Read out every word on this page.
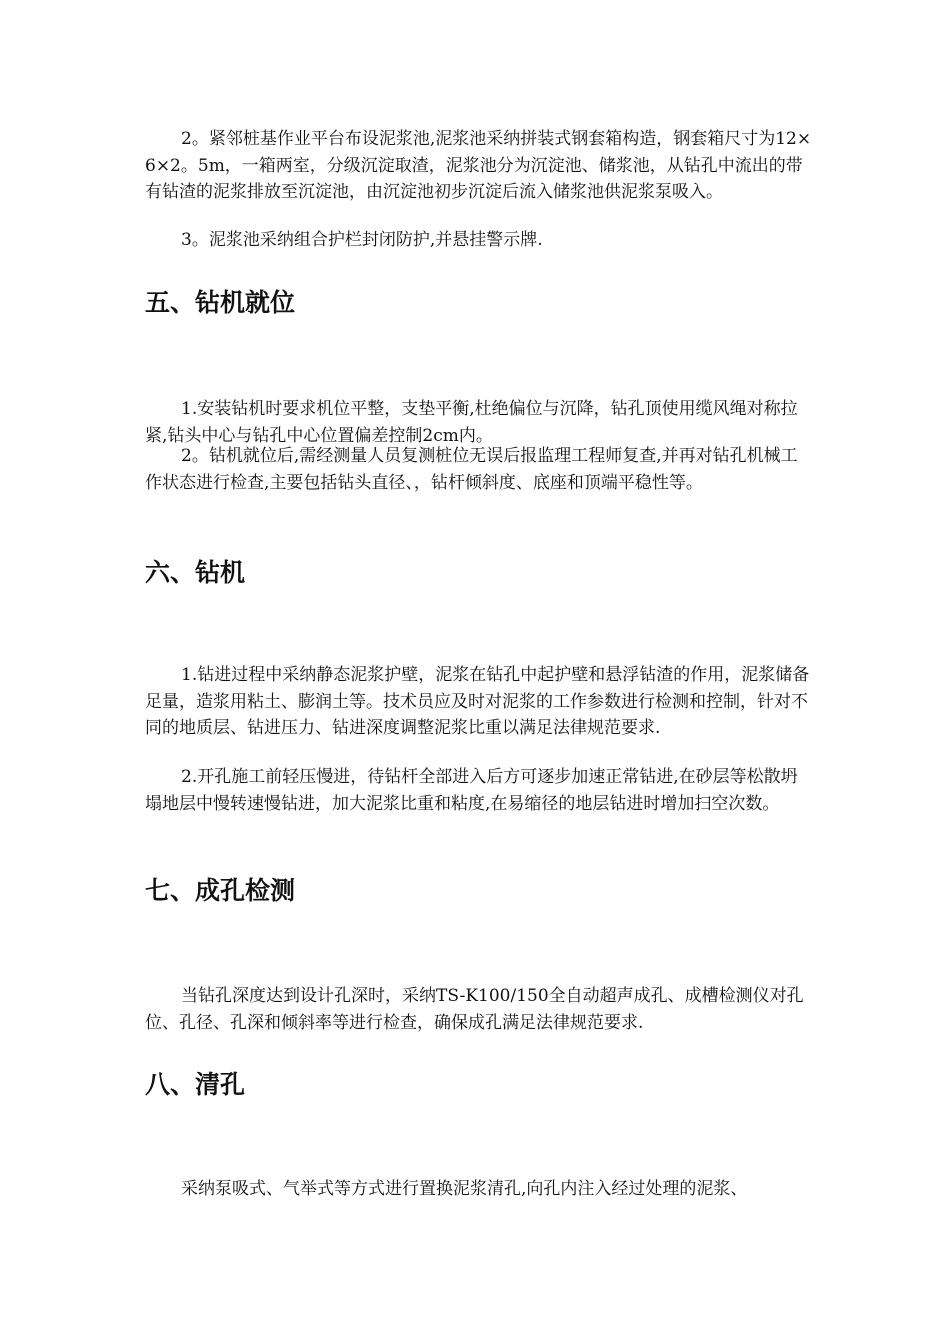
2。紧邻桩基作业平台布设泥浆池,泥浆池采纳拼装式钢套箱构造，钢套箱尺寸为12×6×2。5m，一箱两室，分级沉淀取渣，泥浆池分为沉淀池、储浆池，从钻孔中流出的带有钻渣的泥浆排放至沉淀池，由沉淀池初步沉淀后流入储浆池供泥浆泵吸入。

3。泥浆池采纳组合护栏封闭防护,并悬挂警示牌.

五、钻机就位

1.安装钻机时要求机位平整，支垫平衡,杜绝偏位与沉降，钻孔顶使用缆风绳对称拉紧,钻头中心与钻孔中心位置偏差控制2cm内。

2。钻机就位后,需经测量人员复测桩位无误后报监理工程师复查,并再对钻孔机械工作状态进行检查,主要包括钻头直径、，钻杆倾斜度、底座和顶端平稳性等。

六、钻机

1.钻进过程中采纳静态泥浆护壁，泥浆在钻孔中起护壁和悬浮钻渣的作用，泥浆储备足量，造浆用粘土、膨润土等。技术员应及时对泥浆的工作参数进行检测和控制，针对不同的地质层、钻进压力、钻进深度调整泥浆比重以满足法律规范要求.

2.开孔施工前轻压慢进，待钻杆全部进入后方可逐步加速正常钻进,在砂层等松散坍塌地层中慢转速慢钻进，加大泥浆比重和粘度,在易缩径的地层钻进时增加扫空次数。

七、成孔检测

当钻孔深度达到设计孔深时，采纳TS-K100/150全自动超声成孔、成槽检测仪对孔位、孔径、孔深和倾斜率等进行检查，确保成孔满足法律规范要求.

八、清孔

采纳泵吸式、气举式等方式进行置换泥浆清孔,向孔内注入经过处理的泥浆、
